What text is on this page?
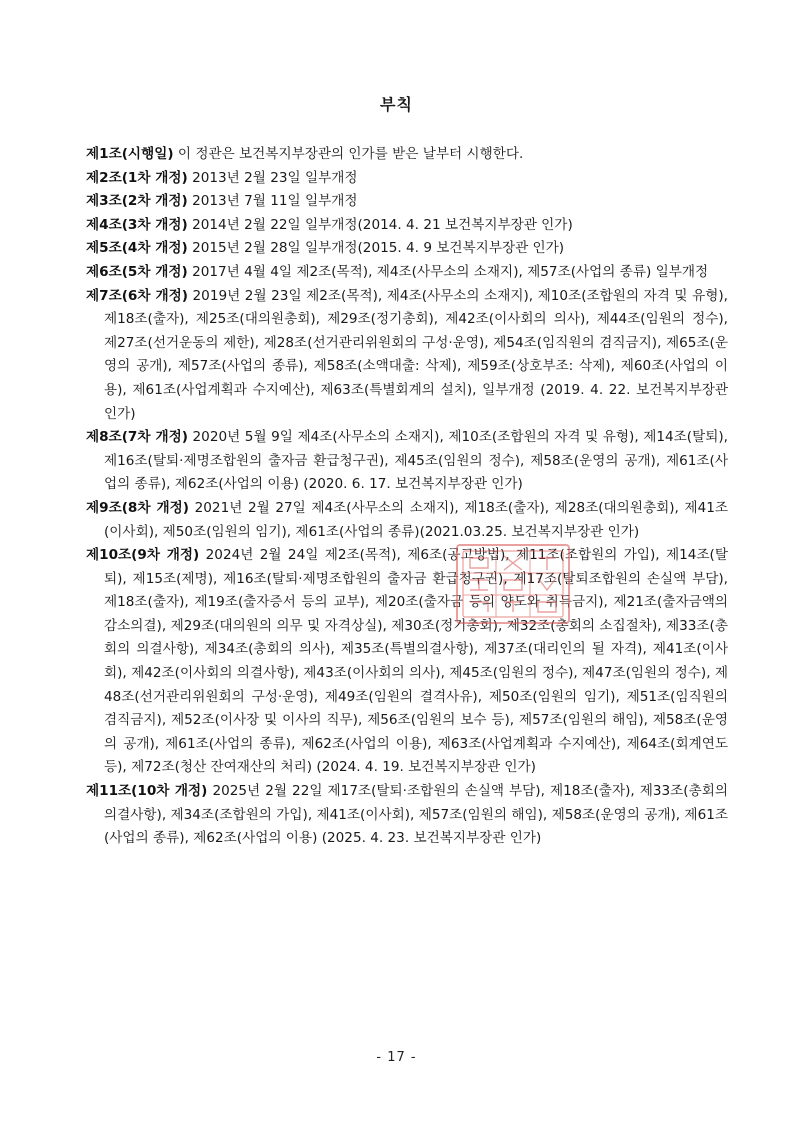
부칙

제1조(시행일) 이 정관은 보건복지부장관의 인가를 받은 날부터 시행한다.

제2조(1차 개정) 2013년 2월 23일 일부개정

제3조(2차 개정) 2013년 7월 11일 일부개정

제4조(3차 개정) 2014년 2월 22일 일부개정(2014. 4. 21 보건복지부장관 인가)

제5조(4차 개정) 2015년 2월 28일 일부개정(2015. 4. 9 보건복지부장관 인가)

제6조(5차 개정) 2017년 4월 4일 제2조(목적), 제4조(사무소의 소재지), 제57조(사업의 종류) 일부개정

제7조(6차 개정) 2019년 2월 23일 제2조(목적), 제4조(사무소의 소재지), 제10조(조합원의 자격 및 유형), 제18조(출자), 제25조(대의원총회), 제29조(정기총회), 제42조(이사회의 의사), 제44조(임원의 정수), 제27조(선거운동의 제한), 제28조(선거관리위원회의 구성·운영), 제54조(임직원의 겸직금지), 제65조(운영의 공개), 제57조(사업의 종류), 제58조(소액대출: 삭제), 제59조(상호부조: 삭제), 제60조(사업의 이용), 제61조(사업계획과 수지예산), 제63조(특별회계의 설치), 일부개정 (2019. 4. 22. 보건복지부장관 인가)

제8조(7차 개정) 2020년 5월 9일 제4조(사무소의 소재지), 제10조(조합원의 자격 및 유형), 제14조(탈퇴), 제16조(탈퇴·제명조합원의 출자금 환급청구권), 제45조(임원의 정수), 제58조(운영의 공개), 제61조(사업의 종류), 제62조(사업의 이용) (2020. 6. 17. 보건복지부장관 인가)

제9조(8차 개정) 2021년 2월 27일 제4조(사무소의 소재지), 제18조(출자), 제28조(대의원총회), 제41조(이사회), 제50조(임원의 임기), 제61조(사업의 종류)(2021.03.25. 보건복지부장관 인가)

제10조(9차 개정) 2024년 2월 24일 제2조(목적), 제6조(공고방법), 제11조(조합원의 가입), 제14조(탈퇴), 제15조(제명), 제16조(탈퇴·제명조합원의 출자금 환급청구권), 제17조(탈퇴조합원의 손실액 부담), 제18조(출자), 제19조(출자증서 등의 교부), 제20조(출자금 등의 양도와 취득금지), 제21조(출자금액의 감소의결), 제29조(대의원의 의무 및 자격상실), 제30조(정기총회), 제32조(총회의 소집절차), 제33조(총회의 의결사항), 제34조(총회의 의사), 제35조(특별의결사항), 제37조(대리인의 될 자격), 제41조(이사회), 제42조(이사회의 의결사항), 제43조(이사회의 의사), 제45조(임원의 정수), 제47조(임원의 정수), 제48조(선거관리위원회의 구성·운영), 제49조(임원의 결격사유), 제50조(임원의 임기), 제51조(임직원의 겸직금지), 제52조(이사장 및 이사의 직무), 제56조(임원의 보수 등), 제57조(임원의 해임), 제58조(운영의 공개), 제61조(사업의 종류), 제62조(사업의 이용), 제63조(사업계획과 수지예산), 제64조(회계연도 등), 제72조(청산 잔여재산의 처리) (2024. 4. 19. 보건복지부장관 인가)

제11조(10차 개정) 2025년 2월 22일 제17조(탈퇴·조합원의 손실액 부담), 제18조(출자), 제33조(총회의 의결사항), 제34조(조합원의 가입), 제41조(이사회), 제57조(임원의 해임), 제58조(운영의 공개), 제61조(사업의 종류), 제62조(사업의 이용) (2025. 4. 23. 보건복지부장관 인가)

- 17 -
